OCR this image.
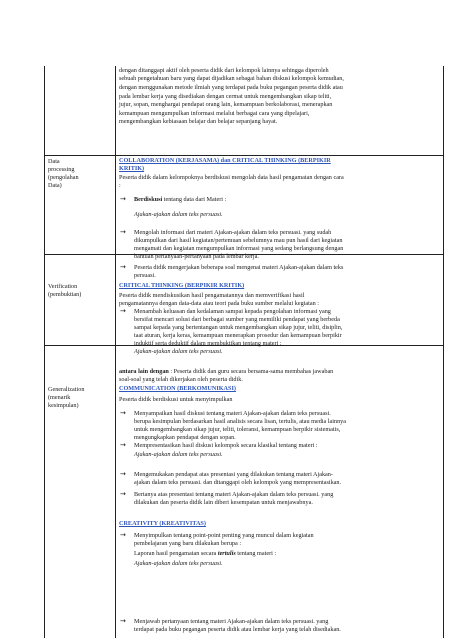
dengan ditanggapi aktif oleh peserta didik dari kelompok lainnya sehingga diperoleh
sebuah pengetahuan baru yang dapat dijadikan sebagai bahan diskusi kelompok kemudian,
dengan menggunakan metode ilmiah yang terdapat pada buku pegangan peserta didik atau
pada lembar kerja yang disediakan dengan cermat untuk mengembangkan sikap teliti,
jujur, sopan, menghargai pendapat orang lain, kemampuan berkolaborasi, menerapkan
kemampuan mengumpulkan informasi melalui berbagai cara yang dipelajari,
mengembangkan kebiasaan belajar dan belajar sepanjang hayat.
Data
processing
(pengolahan
Data)
COLLABORATION (KERJASAMA) dan CRITICAL THINKING (BERPIKIR
KRITIK)
Peserta didik dalam kelompoknya berdiskusi mengolah data hasil pengamatan dengan cara
:
→ Berdiskusi tentang data dari Materi :
Ajakan-ajakan dalam teks persuasi.
→ Mengolah informasi dari materi Ajakan-ajakan dalam teks persuasi. yang sudah
dikumpulkan dari hasil kegiatan/pertemuan sebelumnya mau pun hasil dari kegiatan
mengamati dan kegiatan mengumpulkan informasi yang sedang berlangsung dengan
bantuan pertanyaan-pertanyaan pada lembar kerja.
→ Peserta didik mengerjakan beberapa soal mengenai materi Ajakan-ajakan dalam teks
persuasi.
Verification
(pembuktian)
CRITICAL THINKING (BERPIKIR KRITIK)
Peserta didik mendiskusikan hasil pengamatannya dan memverifikasi hasil
pengamatannya dengan data-data atau teori pada buku sumber melalui kegiatan :
→ Menambah keluasan dan kedalaman sampai kepada pengolahan informasi yang
bersifat mencari solusi dari berbagai sumber yang memiliki pendapat yang berbeda
sampai kepada yang bertentangan untuk mengembangkan sikap jujur, teliti, disiplin,
taat aturan, kerja keras, kemampuan menerapkan prosedur dan kemampuan berpikir
induktif serta deduktif dalam membuktikan tentang materi :
Ajakan-ajakan dalam teks persuasi.
antara lain dengan : Peserta didik dan guru secara bersama-sama membahas jawaban
soal-soal yang telah dikerjakan oleh peserta didik.
Generalization
(menarik
kesimpulan)
COMMUNICATION (BERKOMUNIKASI)
Peserta didik berdiskusi untuk menyimpulkan
→ Menyampaikan hasil diskusi tentang materi Ajakan-ajakan dalam teks persuasi.
berupa kesimpulan berdasarkan hasil analisis secara lisan, tertulis, atau media lainnya
untuk mengembangkan sikap jujur, teliti, toleransi, kemampuan berpikir sistematis,
mengungkapkan pendapat dengan sopan.
→ Mempresentasikan hasil diskusi kelompok secara klasikal tentang materi :
Ajakan-ajakan dalam teks persuasi.
→ Mengemukakan pendapat atas presentasi yang dilakukan tentang materi Ajakan-
ajakan dalam teks persuasi. dan ditanggapi oleh kelompok yang mempresentasikan.
→ Bertanya atas presentasi tentang materi Ajakan-ajakan dalam teks persuasi. yang
dilakukan dan peserta didik lain diberi kesempatan untuk menjawabnya.
CREATIVITY (KREATIVITAS)
→ Menyimpulkan tentang point-point penting yang muncul dalam kegiatan
pembelajaran yang baru dilakukan berupa :
Laporan hasil pengamatan secara tertulis tentang materi :
Ajakan-ajakan dalam teks persuasi.
→ Menjawab pertanyaan tentang materi Ajakan-ajakan dalam teks persuasi. yang
terdapat pada buku pegangan peserta didik atau lembar kerja yang telah disediakan.
